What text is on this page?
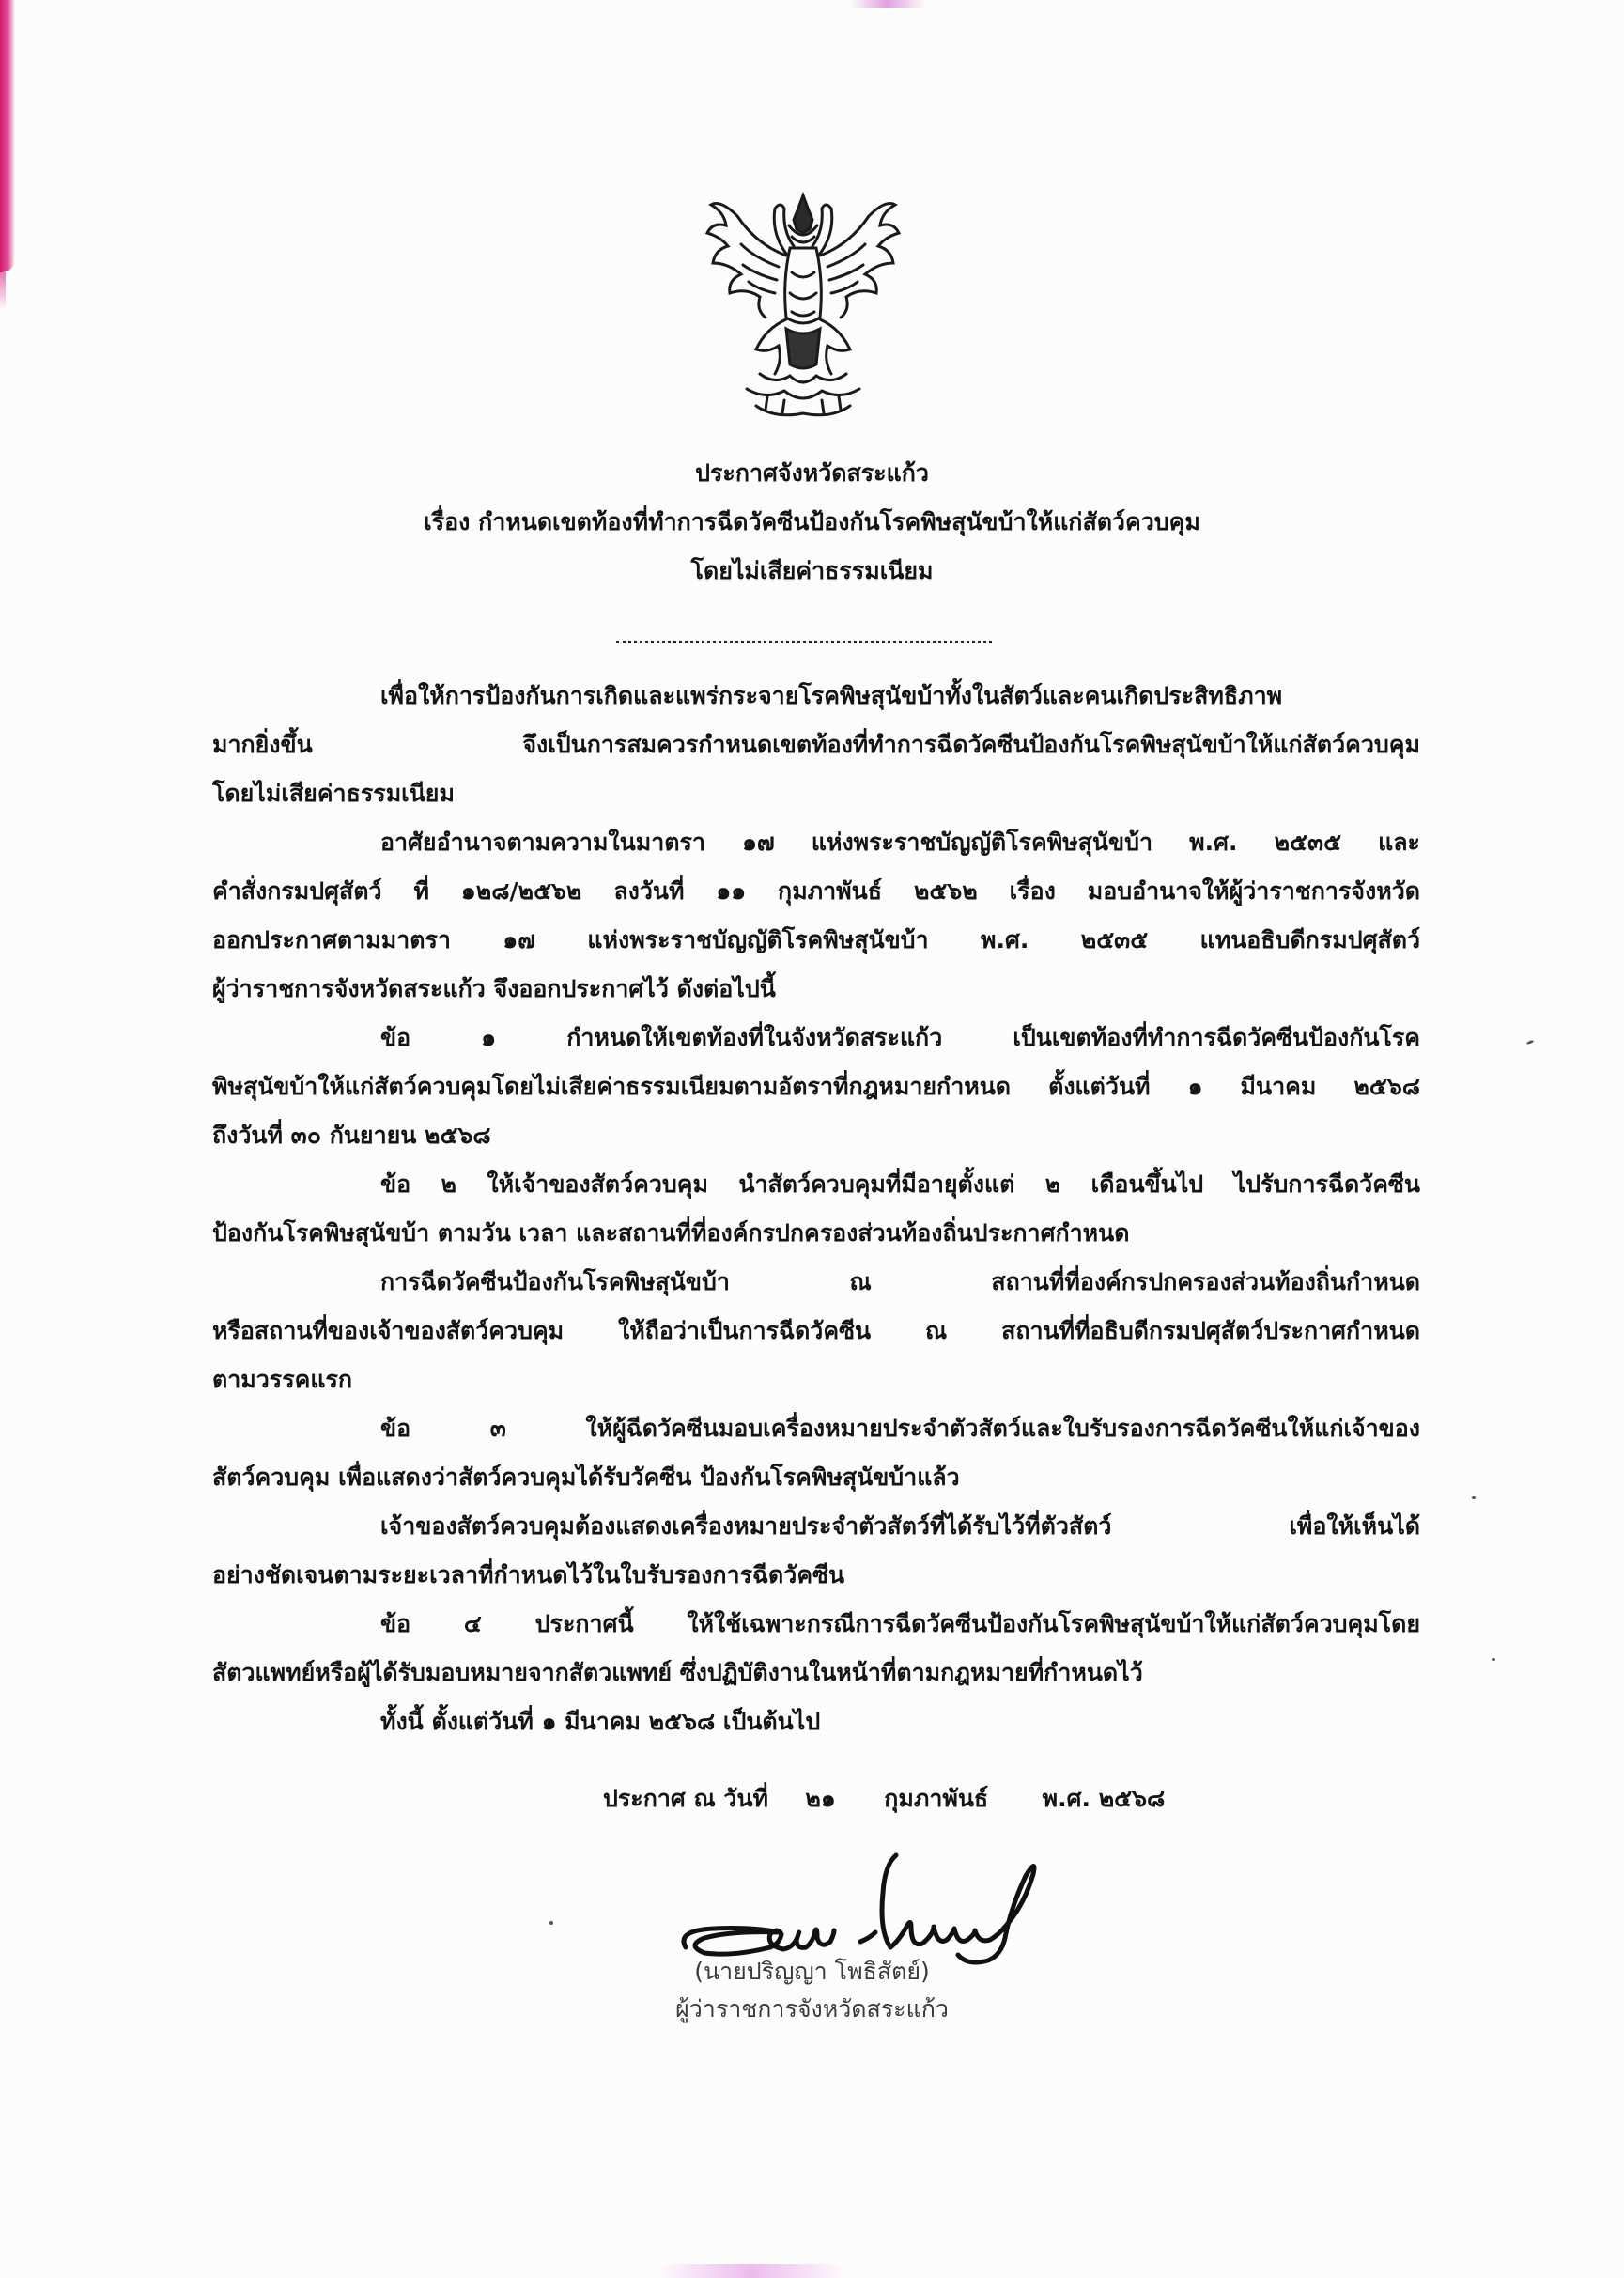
ประกาศจังหวัดสระแก้ว
เรื่อง กำหนดเขตท้องที่ทำการฉีดวัคซีนป้องกันโรคพิษสุนัขบ้าให้แก่สัตว์ควบคุม
โดยไม่เสียค่าธรรมเนียม
เพื่อให้การป้องกันการเกิดและแพร่กระจายโรคพิษสุนัขบ้าทั้งในสัตว์และคนเกิดประสิทธิภาพ
มากยิ่งขึ้น จึงเป็นการสมควรกำหนดเขตท้องที่ทำการฉีดวัคซีนป้องกันโรคพิษสุนัขบ้าให้แก่สัตว์ควบคุม
โดยไม่เสียค่าธรรมเนียม
อาศัยอำนาจตามความในมาตรา ๑๗ แห่งพระราชบัญญัติโรคพิษสุนัขบ้า พ.ศ. ๒๕๓๕ และ
คำสั่งกรมปศุสัตว์ ที่ ๑๒๘/๒๕๖๒ ลงวันที่ ๑๑ กุมภาพันธ์ ๒๕๖๒ เรื่อง มอบอำนาจให้ผู้ว่าราชการจังหวัด
ออกประกาศตามมาตรา ๑๗ แห่งพระราชบัญญัติโรคพิษสุนัขบ้า พ.ศ. ๒๕๓๕ แทนอธิบดีกรมปศุสัตว์
ผู้ว่าราชการจังหวัดสระแก้ว จึงออกประกาศไว้ ดังต่อไปนี้
ข้อ ๑ กำหนดให้เขตท้องที่ในจังหวัดสระแก้ว เป็นเขตท้องที่ทำการฉีดวัคซีนป้องกันโรค
พิษสุนัขบ้าให้แก่สัตว์ควบคุมโดยไม่เสียค่าธรรมเนียมตามอัตราที่กฎหมายกำหนด ตั้งแต่วันที่ ๑ มีนาคม ๒๕๖๘
ถึงวันที่ ๓๐ กันยายน ๒๕๖๘
ข้อ ๒ ให้เจ้าของสัตว์ควบคุม นำสัตว์ควบคุมที่มีอายุตั้งแต่ ๒ เดือนขึ้นไป ไปรับการฉีดวัคซีน
ป้องกันโรคพิษสุนัขบ้า ตามวัน เวลา และสถานที่ที่องค์กรปกครองส่วนท้องถิ่นประกาศกำหนด
การฉีดวัคซีนป้องกันโรคพิษสุนัขบ้า ณ สถานที่ที่องค์กรปกครองส่วนท้องถิ่นกำหนด
หรือสถานที่ของเจ้าของสัตว์ควบคุม ให้ถือว่าเป็นการฉีดวัคซีน ณ สถานที่ที่อธิบดีกรมปศุสัตว์ประกาศกำหนด
ตามวรรคแรก
ข้อ ๓ ให้ผู้ฉีดวัคซีนมอบเครื่องหมายประจำตัวสัตว์และใบรับรองการฉีดวัคซีนให้แก่เจ้าของ
สัตว์ควบคุม เพื่อแสดงว่าสัตว์ควบคุมได้รับวัคซีน ป้องกันโรคพิษสุนัขบ้าแล้ว
เจ้าของสัตว์ควบคุมต้องแสดงเครื่องหมายประจำตัวสัตว์ที่ได้รับไว้ที่ตัวสัตว์ เพื่อให้เห็นได้
อย่างชัดเจนตามระยะเวลาที่กำหนดไว้ในใบรับรองการฉีดวัคซีน
ข้อ ๔ ประกาศนี้ ให้ใช้เฉพาะกรณีการฉีดวัคซีนป้องกันโรคพิษสุนัขบ้าให้แก่สัตว์ควบคุมโดย
สัตวแพทย์หรือผู้ได้รับมอบหมายจากสัตวแพทย์ ซึ่งปฏิบัติงานในหน้าที่ตามกฎหมายที่กำหนดไว้
ทั้งนี้ ตั้งแต่วันที่ ๑ มีนาคม ๒๕๖๘ เป็นต้นไป
ประกาศ ณ วันที่ ๒๑ กุมภาพันธ์ พ.ศ. ๒๕๖๘
(นายปริญญา โพธิสัตย์)
ผู้ว่าราชการจังหวัดสระแก้ว
